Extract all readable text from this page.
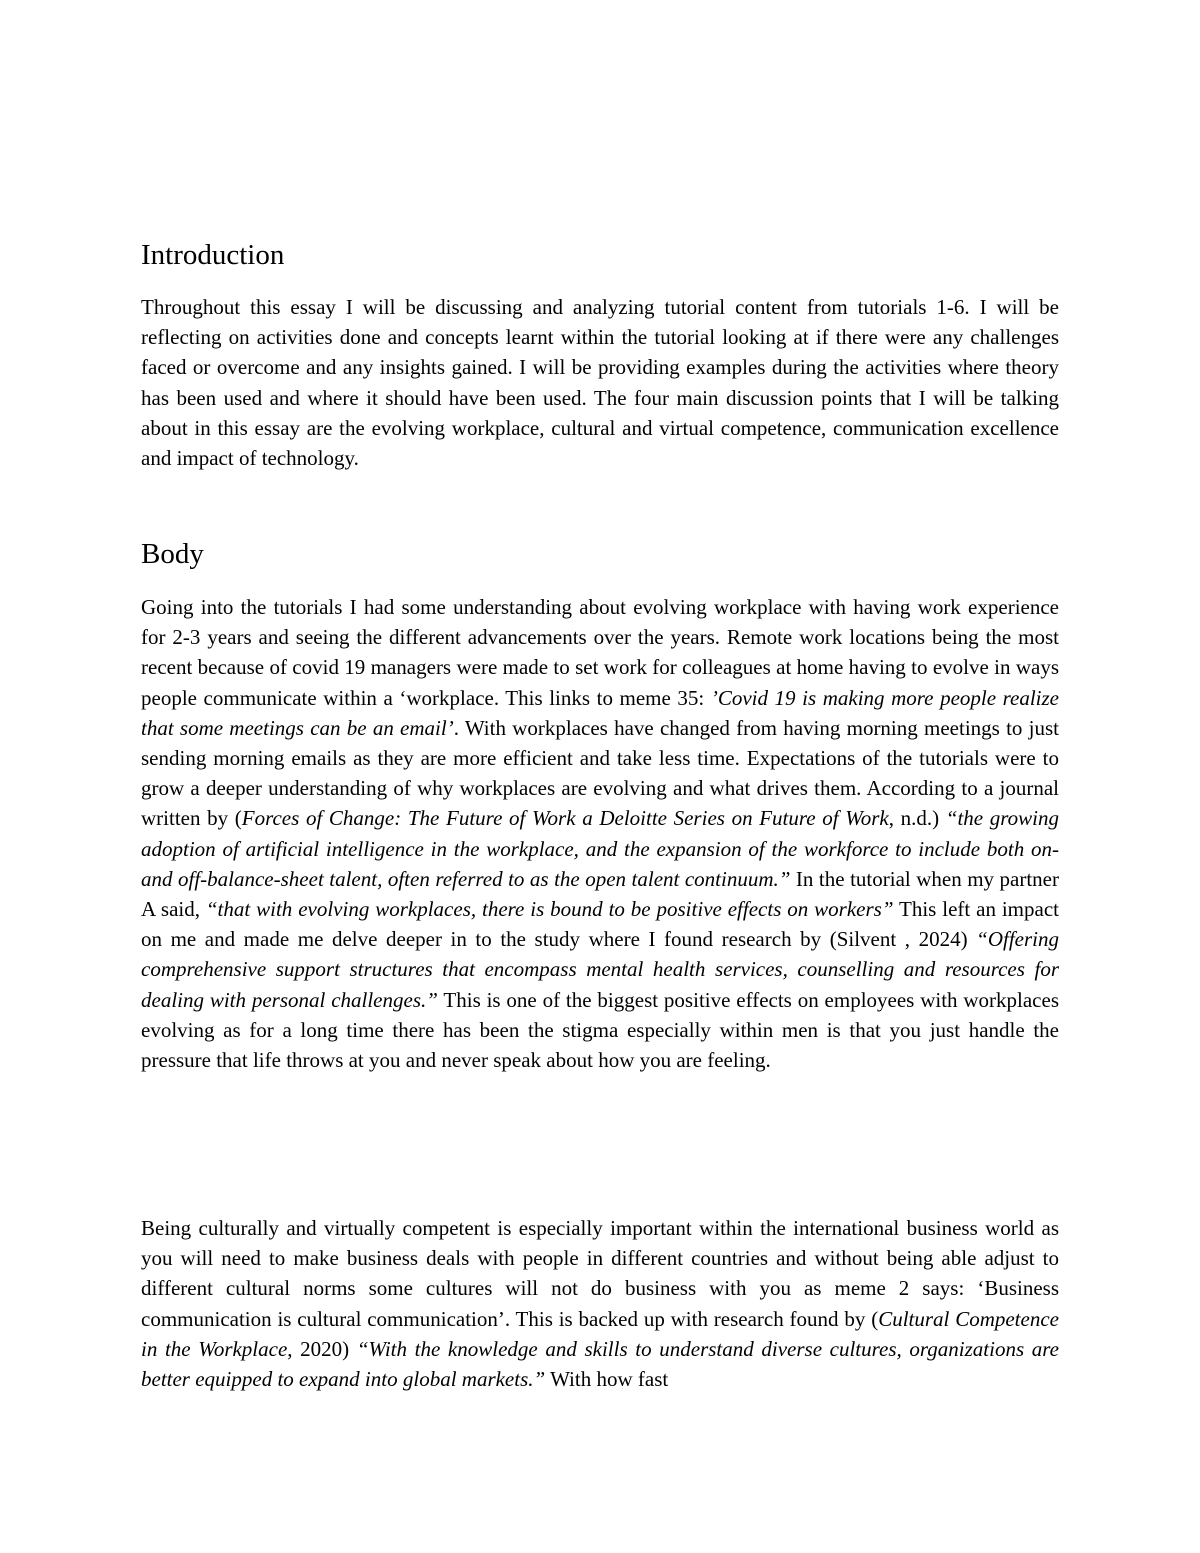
Introduction

Throughout this essay I will be discussing and analyzing tutorial content from tutorials 1-6. I will be reflecting on activities done and concepts learnt within the tutorial looking at if there were any challenges faced or overcome and any insights gained. I will be providing examples during the activities where theory has been used and where it should have been used. The four main discussion points that I will be talking about in this essay are the evolving workplace, cultural and virtual competence, communication excellence and impact of technology.

Body

Going into the tutorials I had some understanding about evolving workplace with having work experience for 2-3 years and seeing the different advancements over the years. Remote work locations being the most recent because of covid 19 managers were made to set work for colleagues at home having to evolve in ways people communicate within a ‘workplace. This links to meme 35: ’Covid 19 is making more people realize that some meetings can be an email’. With workplaces have changed from having morning meetings to just sending morning emails as they are more efficient and take less time. Expectations of the tutorials were to grow a deeper understanding of why workplaces are evolving and what drives them. According to a journal written by (Forces of Change: The Future of Work a Deloitte Series on Future of Work, n.d.) “the growing adoption of artificial intelligence in the workplace, and the expansion of the workforce to include both on- and off-balance-sheet talent, often referred to as the open talent continuum.” In the tutorial when my partner A said, “that with evolving workplaces, there is bound to be positive effects on workers” This left an impact on me and made me delve deeper in to the study where I found research by (Silvent , 2024) “Offering comprehensive support structures that encompass mental health services, counselling and resources for dealing with personal challenges.” This is one of the biggest positive effects on employees with workplaces evolving as for a long time there has been the stigma especially within men is that you just handle the pressure that life throws at you and never speak about how you are feeling.

Being culturally and virtually competent is especially important within the international business world as you will need to make business deals with people in different countries and without being able adjust to different cultural norms some cultures will not do business with you as meme 2 says: ‘Business communication is cultural communication’. This is backed up with research found by (Cultural Competence in the Workplace, 2020) “With the knowledge and skills to understand diverse cultures, organizations are better equipped to expand into global markets.” With how fast
